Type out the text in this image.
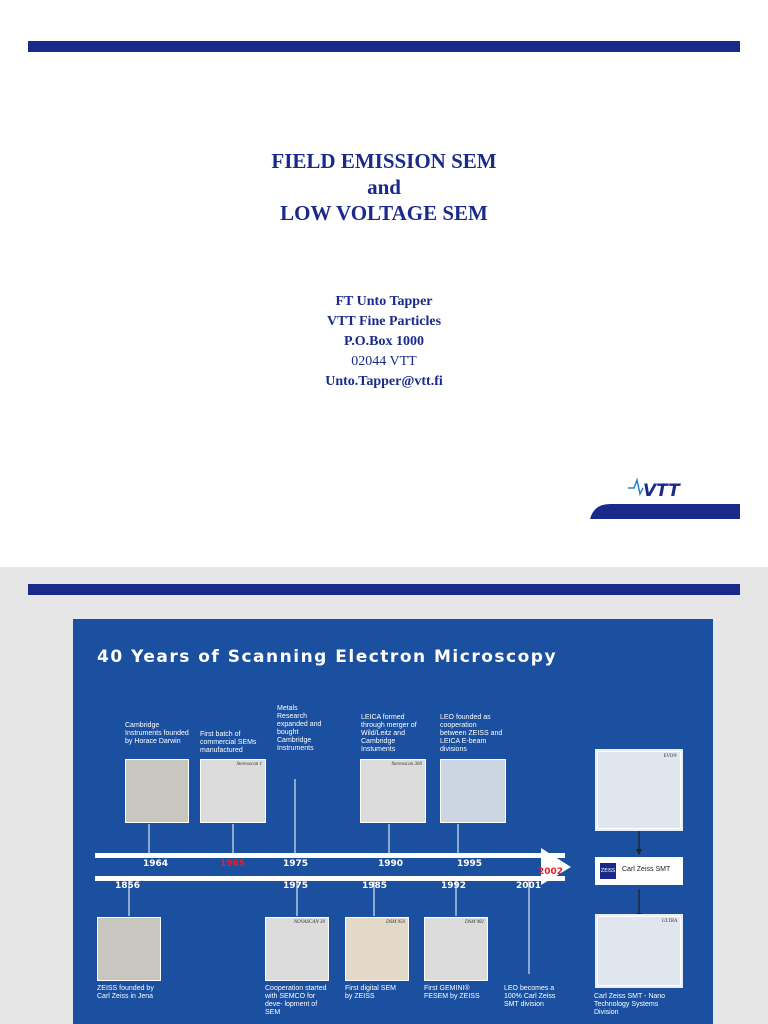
FIELD EMISSION SEM
and
LOW VOLTAGE SEM
FT Unto Tapper
VTT Fine Particles
P.O.Box 1000
02044 VTT
Unto.Tapper@vtt.fi
VTT
40 Years of Scanning Electron Microscopy
Cambridge Instruments founded by Horace Darwin
First batch of commercial SEMs manufactured
Metals Research expanded and bought Cambridge Instruments
LEICA formed through merger of Wild/Leitz and Cambridge Instuments
LEO founded as cooperation between ZEISS and LEICA E-beam divisions
Stereoscan 1	Stereoscan 360
1964	1965	1975	1990	1995
2002
1856	1975	1985	1992	2001
NOVASCAN 30	DSM 950	DSM 982
ZEISS founded by Carl Zeiss in Jena
Cooperation started with SEMCO for deve- lopment of SEM
First digital SEM by ZEISS
First GEMINI® FESEM by ZEISS
LEO becomes a 100% Carl Zeiss SMT division
Carl Zeiss SMT - Nano Technology Systems Division
EVO®
ZEISS Carl Zeiss SMT
ULTRA
